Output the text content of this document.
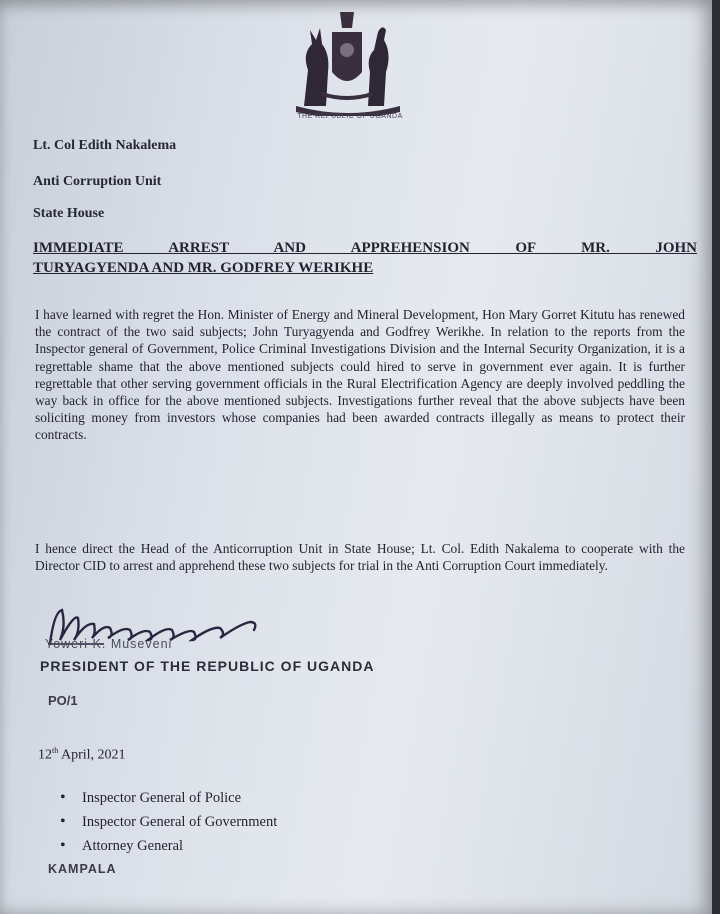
THE REPUBLIC OF UGANDA
Lt. Col Edith Nakalema
Anti Corruption Unit
State House
IMMEDIATE ARREST AND APPREHENSION OF MR. JOHN
TURYAGYENDA AND MR. GODFREY WERIKHE
I have learned with regret the Hon. Minister of Energy and Mineral Development, Hon Mary Gorret Kitutu has renewed the contract of the two said subjects; John Turyagyenda and Godfrey Werikhe. In relation to the reports from the Inspector general of Government, Police Criminal Investigations Division and the Internal Security Organization, it is a regrettable shame that the above mentioned subjects could hired to serve in government ever again. It is further regrettable that other serving government officials in the Rural Electrification Agency are deeply involved peddling the way back in office for the above mentioned subjects. Investigations further reveal that the above subjects have been soliciting money from investors whose companies had been awarded contracts illegally as means to protect their contracts.
I hence direct the Head of the Anticorruption Unit in State House; Lt. Col. Edith Nakalema to cooperate with the Director CID to arrest and apprehend these two subjects for trial in the Anti Corruption Court immediately.
Yoweri K. Museveni
PRESIDENT OF THE REPUBLIC OF UGANDA
PO/1
12th April, 2021
• Inspector General of Police
• Inspector General of Government
• Attorney General
KAMPALA
